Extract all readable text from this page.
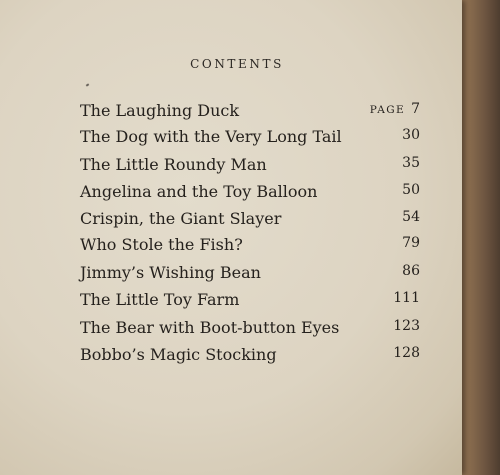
CONTENTS
The Laughing Duck	PAGE 7
The Dog with the Very Long Tail	30
The Little Roundy Man	35
Angelina and the Toy Balloon	50
Crispin, the Giant Slayer	54
Who Stole the Fish?	79
Jimmy’s Wishing Bean	86
The Little Toy Farm	111
The Bear with Boot-button Eyes	123
Bobbo’s Magic Stocking	128
